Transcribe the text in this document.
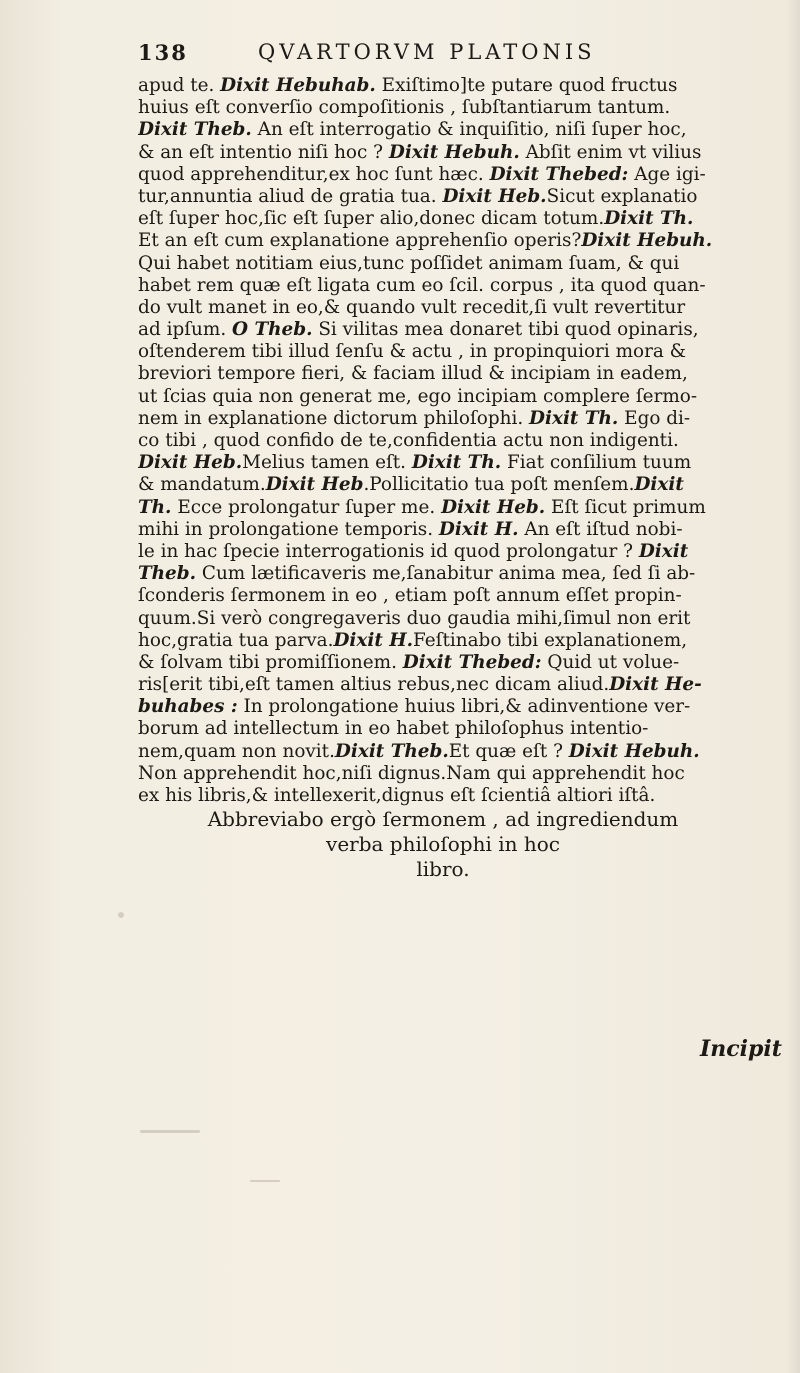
138	QVARTORVM PLATONIS
apud te. Dixit Hebuhab. Exiſtimo]te putare quod fructus
huius eſt converſio compoſitionis , ſubſtantiarum tantum.
Dixit Theb. An eſt interrogatio & inquiſitio, niſi ſuper hoc,
& an eſt intentio niſi hoc ? Dixit Hebuh. Abſit enim vt vilius
quod apprehenditur,ex hoc ſunt hæc. Dixit Thebed: Age igi-
tur,annuntia aliud de gratia tua. Dixit Heb.Sicut explanatio
eſt ſuper hoc,ſic eſt ſuper alio,donec dicam totum.Dixit Th.
Et an eſt cum explanatione apprehenſio operis?Dixit Hebuh.
Qui habet notitiam eius,tunc poſſidet animam ſuam, & qui
habet rem quæ eſt ligata cum eo ſcil. corpus , ita quod quan-
do vult manet in eo,& quando vult recedit,ſi vult revertitur
ad ipſum. O Theb. Si vilitas mea donaret tibi quod opinaris,
oſtenderem tibi illud ſenſu & actu , in propinquiori mora &
breviori tempore fieri, & faciam illud & incipiam in eadem,
ut ſcias quia non generat me, ego incipiam complere ſermo-
nem in explanatione dictorum philoſophi. Dixit Th. Ego di-
co tibi , quod confido de te,confidentia actu non indigenti.
Dixit Heb.Melius tamen eſt. Dixit Th. Fiat conſilium tuum
& mandatum.Dixit Heb.Pollicitatio tua poſt menſem.Dixit
Th. Ecce prolongatur ſuper me. Dixit Heb. Eſt ſicut primum
mihi in prolongatione temporis. Dixit H. An eſt iſtud nobi-
le in hac ſpecie interrogationis id quod prolongatur ? Dixit
Theb. Cum lætificaveris me,ſanabitur anima mea, ſed ſi ab-
ſconderis ſermonem in eo , etiam poſt annum eſſet propin-
quum.Si verò congregaveris duo gaudia mihi,ſimul non erit
hoc,gratia tua parva.Dixit H.Feſtinabo tibi explanationem,
& ſolvam tibi promiſſionem. Dixit Thebed: Quid ut volue-
ris[erit tibi,eſt tamen altius rebus,nec dicam aliud.Dixit He-
buhabes : In prolongatione huius libri,& adinventione ver-
borum ad intellectum in eo habet philoſophus intentio-
nem,quam non novit.Dixit Theb.Et quæ eſt ? Dixit Hebuh.
Non apprehendit hoc,niſi dignus.Nam qui apprehendit hoc
ex his libris,& intellexerit,dignus eſt ſcientiâ altiori iſtâ.
Abbreviabo ergò ſermonem , ad ingrediendum
verba philoſophi in hoc
libro.
Incipit
